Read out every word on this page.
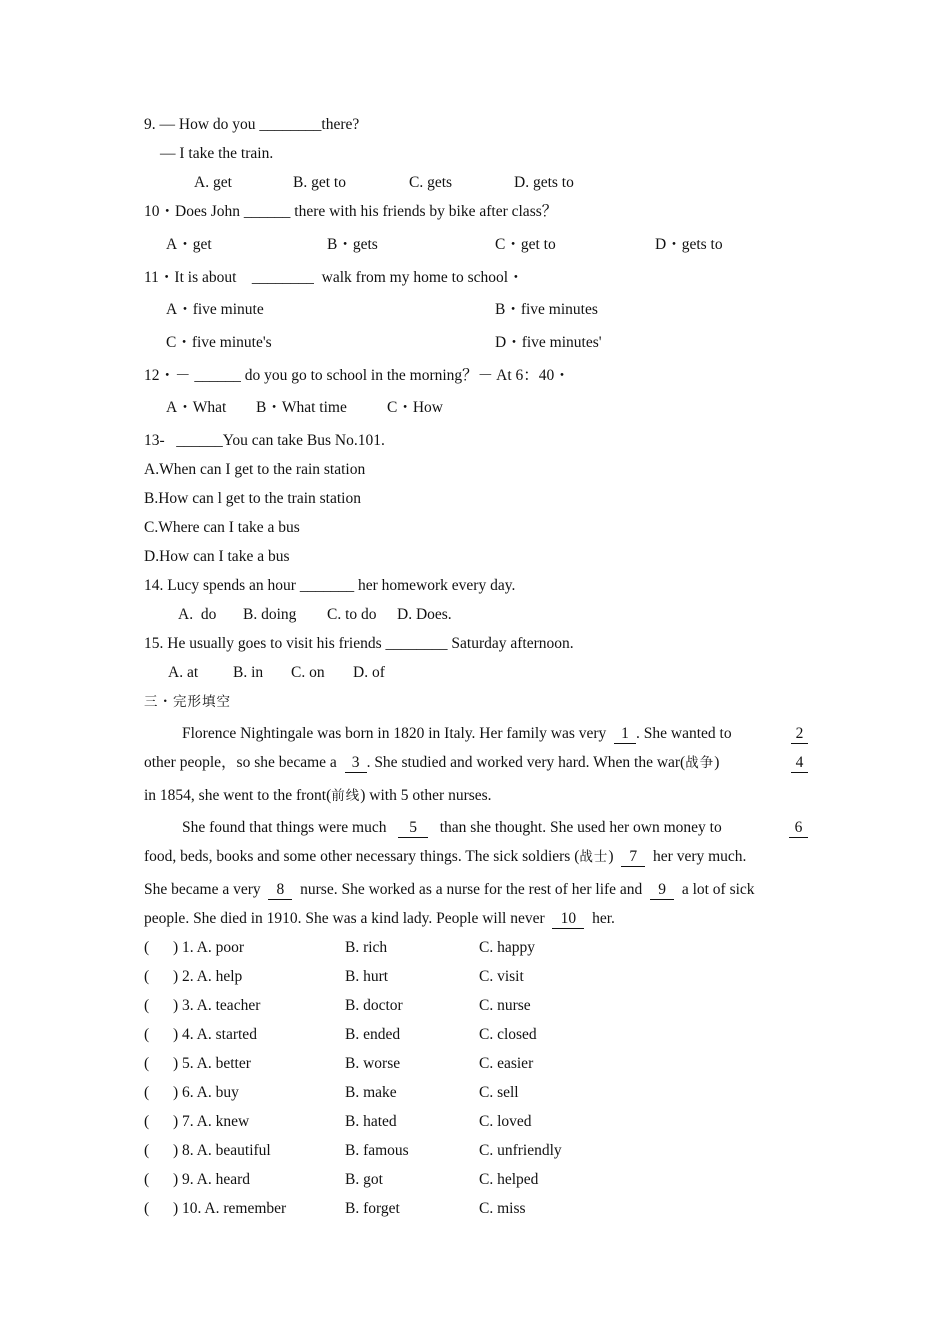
9. — How do you ________there?
— I take the train.
A. get	B. get to	C. gets	D. gets to
10・Does John ______ there with his friends by bike after class？
A・get	B・gets	C・get to	D・gets to
11・It is about    ________  walk from my home to school・
A・five minute	B・five minutes
C・five minute's	D・five minutes'
12・－ ______ do you go to school in the morning？－ At 6：40・
A・What B・What time	C・How
13-   ______You can take Bus No.101.
A.When can I get to the rain station
B.How can l get to the train station
C.Where can I take a bus
D.How can I take a bus
14. Lucy spends an hour _______ her homework every day.
A.  do B. doing C. to do D. Does.
15. He usually goes to visit his friends ________ Saturday afternoon.
A. at B. in C. on D. of
三・完形填空
Florence Nightingale was born in 1820 in Italy. Her family was very 1 . She wanted to	2
other people，so she became a 3 . She studied and worked very hard. When the war(战争)	4
in 1854, she went to the front(前线) with 5 other nurses.
She found that things were much 5 than she thought. She used her own money to	6
food, beds, books and some other necessary things. The sick soldiers (战士) 7 her very much.
She became a very 8 nurse. She worked as a nurse for the rest of her life and 9 a lot of sick
people. She died in 1910. She was a kind lady. People will never 10 her.
( ) 1. A. poor	B. rich	C. happy
( ) 2. A. help	B. hurt	C. visit
( ) 3. A. teacher	B. doctor	C. nurse
( ) 4. A. started	B. ended	C. closed
( ) 5. A. better	B. worse	C. easier
( ) 6. A. buy	B. make	C. sell
( ) 7. A. knew	B. hated	C. loved
( ) 8. A. beautiful	B. famous	C. unfriendly
( ) 9. A. heard	B. got	C. helped
( ) 10. A. remember	B. forget	C. miss
